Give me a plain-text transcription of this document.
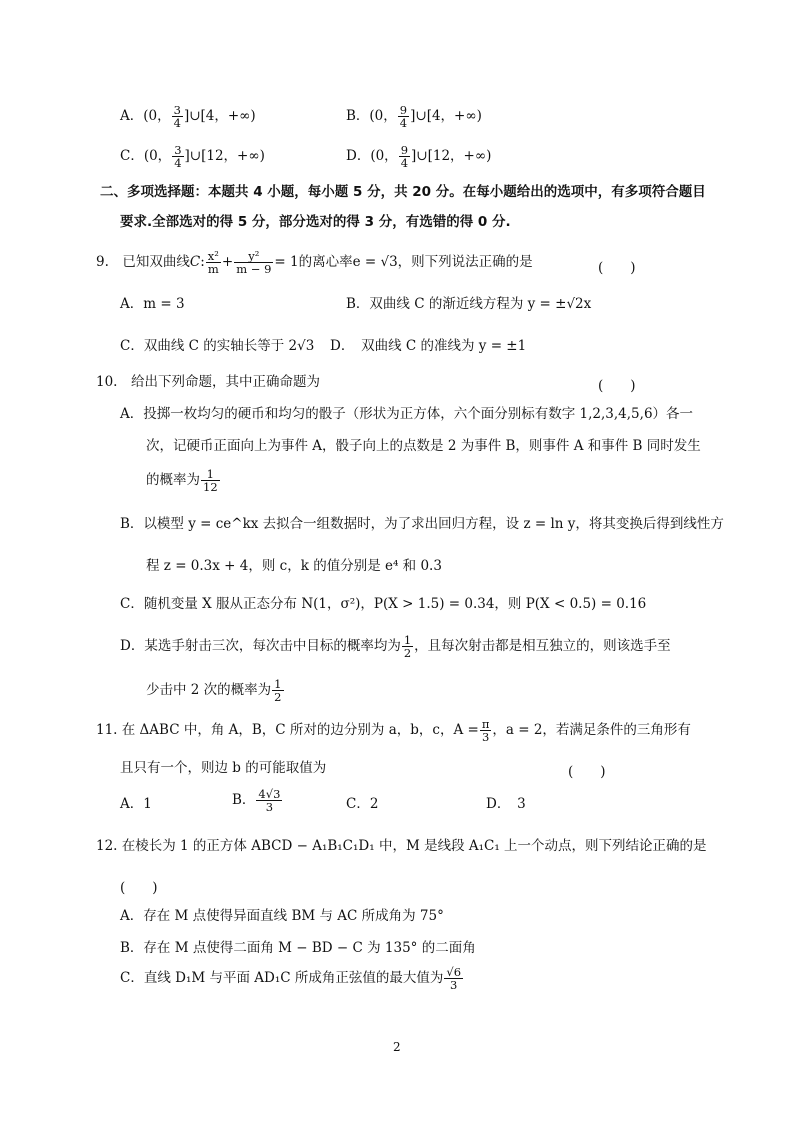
A．(0， $\frac{3}{4}$ ]∪[4，+∞)	B．(0， $\frac{9}{4}$ ]∪[4，+∞)
C．(0， $\frac{3}{4}$ ]∪[12，+∞)	D．(0， $\frac{9}{4}$ ]∪[12，+∞)
二、多项选择题：本题共 4 小题，每小题 5 分，共 20 分。在每小题给出的选项中，有多项符合题目
要求.全部选对的得 5 分，部分选对的得 3 分，有选错的得 0 分.
9.　已知双曲线C: $\frac{\text{x²}}{m} + \frac{\text{y²}}{m - 9} = 1$的离心率e = √3，则下列说法正确的是	(　　)
A．m = 3	B．双曲线 C 的渐近线方程为 y = ±√2x
C．双曲线 C 的实轴长等于 2√3 D．　双曲线 C 的准线为 y = ±1
10.　给出下列命题，其中正确命题为	(　　)
A．投掷一枚均匀的硬币和均匀的骰子（形状为正方体，六个面分别标有数字 1,2,3,4,5,6）各一
次，记硬币正面向上为事件 A，骰子向上的点数是 2 为事件 B，则事件 A 和事件 B 同时发生
的概率为 $\frac{1}{12}$
B．以模型 y = ce^kx 去拟合一组数据时，为了求出回归方程，设 z = ln y，将其变换后得到线性方
程 z = 0.3x + 4，则 c，k 的值分别是 e⁴ 和 0.3
C．随机变量 X 服从正态分布 N(1，σ²)，P(X > 1.5) = 0.34，则 P(X < 0.5) = 0.16
D．某选手射击三次，每次击中目标的概率均为 $\frac{1}{2}$ ，且每次射击都是相互独立的，则该选手至
少击中 2 次的概率为 $\frac{1}{2}$
11. 在 ΔABC 中，角 A，B，C 所对的边分别为 a，b，c，$A = \frac{\pi}{3}$ ，a = 2，若满足条件的三角形有
且只有一个，则边 b 的可能取值为	(　　)
A．1	B． $\frac{4√3}{3}$	C．2	D．　3
12. 在棱长为 1 的正方体 ABCD − A₁B₁C₁D₁ 中，M 是线段 A₁C₁ 上一个动点，则下列结论正确的是
(　　)
A．存在 M 点使得异面直线 BM 与 AC 所成角为 75°
B．存在 M 点使得二面角 M − BD − C 为 135° 的二面角
C．直线 D₁M 与平面 AD₁C 所成角正弦值的最大值为 $\frac{√6}{3}$
2
